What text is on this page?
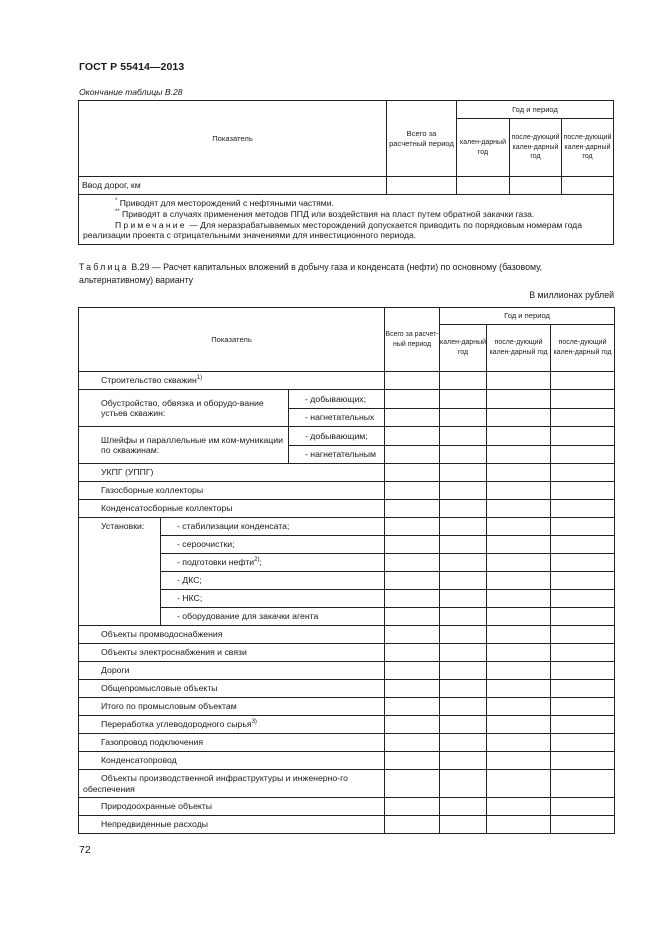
ГОСТ Р 55414—2013
Окончание таблицы В.28
Показатель	Всего за расчетный период	Год и период		
		кален-дарный год	после-дующий кален-дарный год	после-дующий кален-дарный год
Ввод дорог, км				

* Приводят для месторождений с нефтяными частями.
** Приводят в случаях применения методов ППД или воздействия на пласт путем обратной закачки газа.
Примечание — Для неразрабатываемых месторождений допускается приводить по порядковым номерам года реализации проекта с отрицательными значениями для инвестиционного периода.				
Таблица В.29 — Расчет капитальных вложений в добычу газа и конденсата (нефти) по основному (базовому, альтернативному) варианту
В миллионах рублей
Показатель			Всего за расчет-ный период	Год и период		
				кален-дарный год	после-дующий кален-дарный год	после-дующий кален-дарный год
Строительство скважин$^{1)}$				
Обустройство, обвязка и оборудо-вание устьев скважин:		- добывающих;				
		- нагнетательных				
Шлейфы и параллельные им ком-муникации по скважинам:		- добывающим;				
		- нагнетательным				
УКПГ (УППГ)						
Газосборные коллекторы						
Конденсатосборные коллекторы						
Установки:	- стабилизации конденсата;					
	- сероочистки;					
	- подготовки нефти$^{2)}$;					
	- ДКС;					
	- НКС;					
	- оборудование для закачки агента					
Объекты промводоснабжения						
Объекты электроснабжения и связи						
Дороги						
Общепромысловые объекты						
Итого по промысловым объектам						
Переработка углеводородного сырья$^{3)}$				
Газопровод подключения						
Конденсатопровод						
Объекты производственной инфраструктуры и инженерно-го обеспечения						
Природоохранные объекты						
Непредвиденные расходы						
72
